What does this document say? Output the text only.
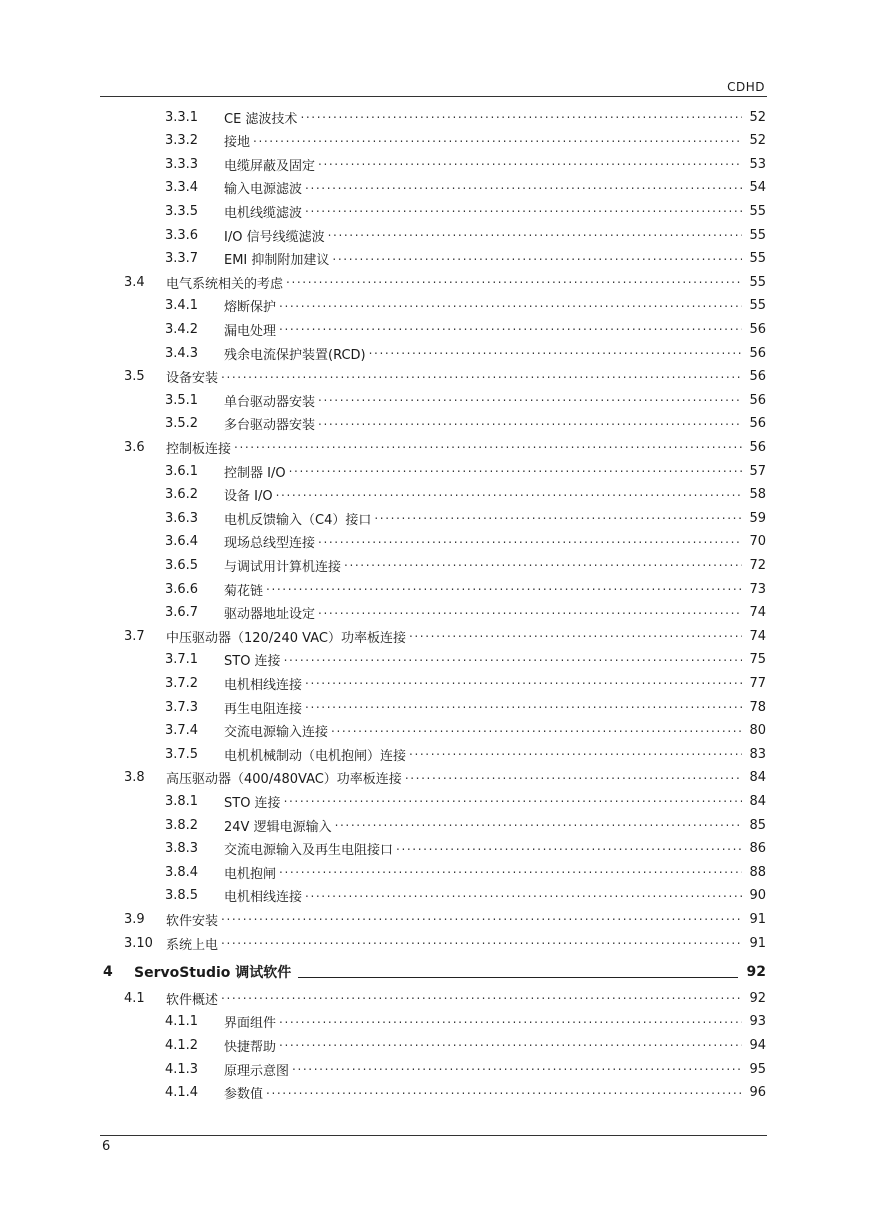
CDHD
3.3.1 CE 滤波技术 . . .	52
3.3.2 接地 . . .	52
3.3.3 电缆屏蔽及固定 . . .	53
3.3.4 输入电源滤波 . . .	54
3.3.5 电机线缆滤波 . . .	55
3.3.6 I/O 信号线缆滤波 . . .	55
3.3.7 EMI 抑制附加建议 . . .	55
3.4 电气系统相关的考虑 . . .	55
3.4.1 熔断保护 . . .	55
3.4.2 漏电处理 . . .	56
3.4.3 残余电流保护装置(RCD) . . .	56
3.5 设备安装 . . .	56
3.5.1 单台驱动器安装 . . .	56
3.5.2 多台驱动器安装 . . .	56
3.6 控制板连接 . . .	56
3.6.1 控制器 I/O . . .	57
3.6.2 设备 I/O . . .	58
3.6.3 电机反馈输入（C4）接口 . . .	59
3.6.4 现场总线型连接 . . .	70
3.6.5 与调试用计算机连接 . . .	72
3.6.6 菊花链 . . .	73
3.6.7 驱动器地址设定 . . .	74
3.7 中压驱动器（120/240 VAC）功率板连接 . . .	74
3.7.1 STO 连接 . . .	75
3.7.2 电机相线连接 . . .	77
3.7.3 再生电阻连接 . . .	78
3.7.4 交流电源输入连接 . . .	80
3.7.5 电机机械制动（电机抱闸）连接 . . .	83
3.8 高压驱动器（400/480VAC）功率板连接 . . .	84
3.8.1 STO 连接 . . .	84
3.8.2 24V 逻辑电源输入 . . .	85
3.8.3 交流电源输入及再生电阻接口 . . .	86
3.8.4 电机抱闸 . . .	88
3.8.5 电机相线连接 . . .	90
3.9 软件安装 . . .	91
3.10 系统上电 . . .	91
4 ServoStudio 调试软件	92
4.1 软件概述 . . .	92
4.1.1 界面组件 . . .	93
4.1.2 快捷帮助 . . .	94
4.1.3 原理示意图 . . .	95
4.1.4 参数值 . . .	96
6
